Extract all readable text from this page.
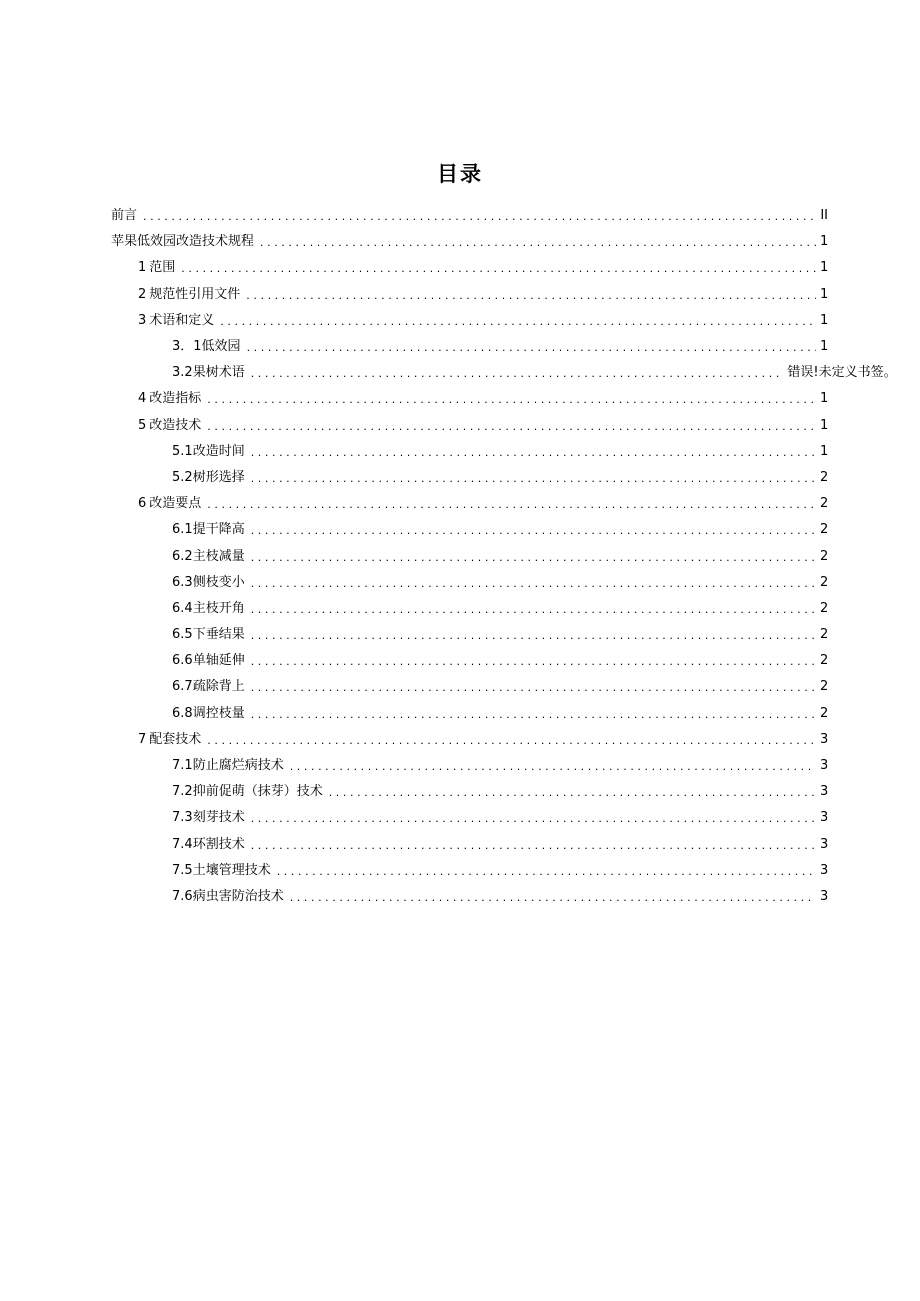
目录
前言 .....	II
苹果低效园改造技术规程 .....	1
1 范围 .....	1
2 规范性引用文件 .....	1
3 术语和定义 .....	1
3．1 低效园 .....	1
3.2 果树术语 .....	错误!未定义书签。
4 改造指标 .....	1
5 改造技术 .....	1
5.1 改造时间 .....	1
5.2 树形选择 .....	2
6 改造要点 .....	2
6.1 提干降高 .....	2
6.2 主枝减量 .....	2
6.3 侧枝变小 .....	2
6.4 主枝开角 .....	2
6.5 下垂结果 .....	2
6.6 单轴延伸 .....	2
6.7 疏除背上 .....	2
6.8 调控枝量 .....	2
7 配套技术 .....	3
7.1 防止腐烂病技术 .....	3
7.2 抑前促萌（抹芽）技术 .....	3
7.3 刻芽技术 .....	3
7.4 环割技术 .....	3
7.5 土壤管理技术 .....	3
7.6 病虫害防治技术 .....	3
